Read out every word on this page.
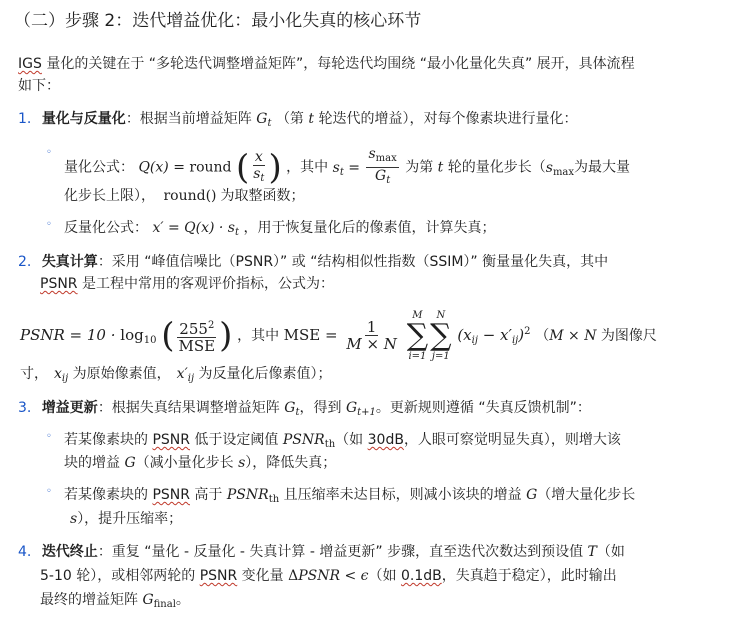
（二）步骤 2：迭代增益优化：最小化失真的核心环节
IGS 量化的关键在于 “多轮迭代调整增益矩阵”，每轮迭代均围绕 “最小化量化失真” 展开，具体流程
如下：
1. 量化与反量化：根据当前增益矩阵 $G_t$ （第 t 轮迭代的增益），对每个像素块进行量化：
◦
量化公式： Q(x) = round ( $\frac{x}{s_t}$ ) ，其中 $s_t = \frac{s_{max}}{G_t}$ 为第 t 轮的量化步长（$s_{max}$为最大量
化步长上限）， round() 为取整函数；
◦ 反量化公式： $x' = Q(x) \cdot s_t$ ，用于恢复量化后的像素值，计算失真；
2. 失真计算：采用 “峰值信噪比（PSNR）” 或 “结构相似性指数（SSIM）” 衡量量化失真，其中
PSNR 是工程中常用的客观评价指标，公式为：
PSNR = $10 \cdot \log_{10}$ ( $\frac{255^2}{\text{MSE}}$ ) ，其中 MSE = $\frac{1}{M \times N}$

M
∑
i=1
N
∑
j=1
$(x_{ij} - x'_{ij})^2$ （M × N 为图像尺
寸， $x_{ij}$ 为原始像素值， $x'_{ij}$ 为反量化后像素值）；
3. 增益更新：根据失真结果调整增益矩阵 $G_t$，得到 $G_{t+1}$。更新规则遵循 “失真反馈机制”：
◦ 若某像素块的 PSNR 低于设定阈值 $PSNR_{th}$（如 30dB，人眼可察觉明显失真），则增大该
块的增益 G（减小量化步长 s），降低失真；
◦ 若某像素块的 PSNR 高于 $PSNR_{th}$ 且压缩率未达目标，则减小该块的增益 G（增大量化步长
s），提升压缩率；
4. 迭代终止：重复 “量化 - 反量化 - 失真计算 - 增益更新” 步骤，直至迭代次数达到预设值 T（如
5-10 轮），或相邻两轮的 PSNR 变化量 ΔPSNR < ϵ（如 0.1dB，失真趋于稳定），此时输出
最终的增益矩阵 $G_{final}$。
